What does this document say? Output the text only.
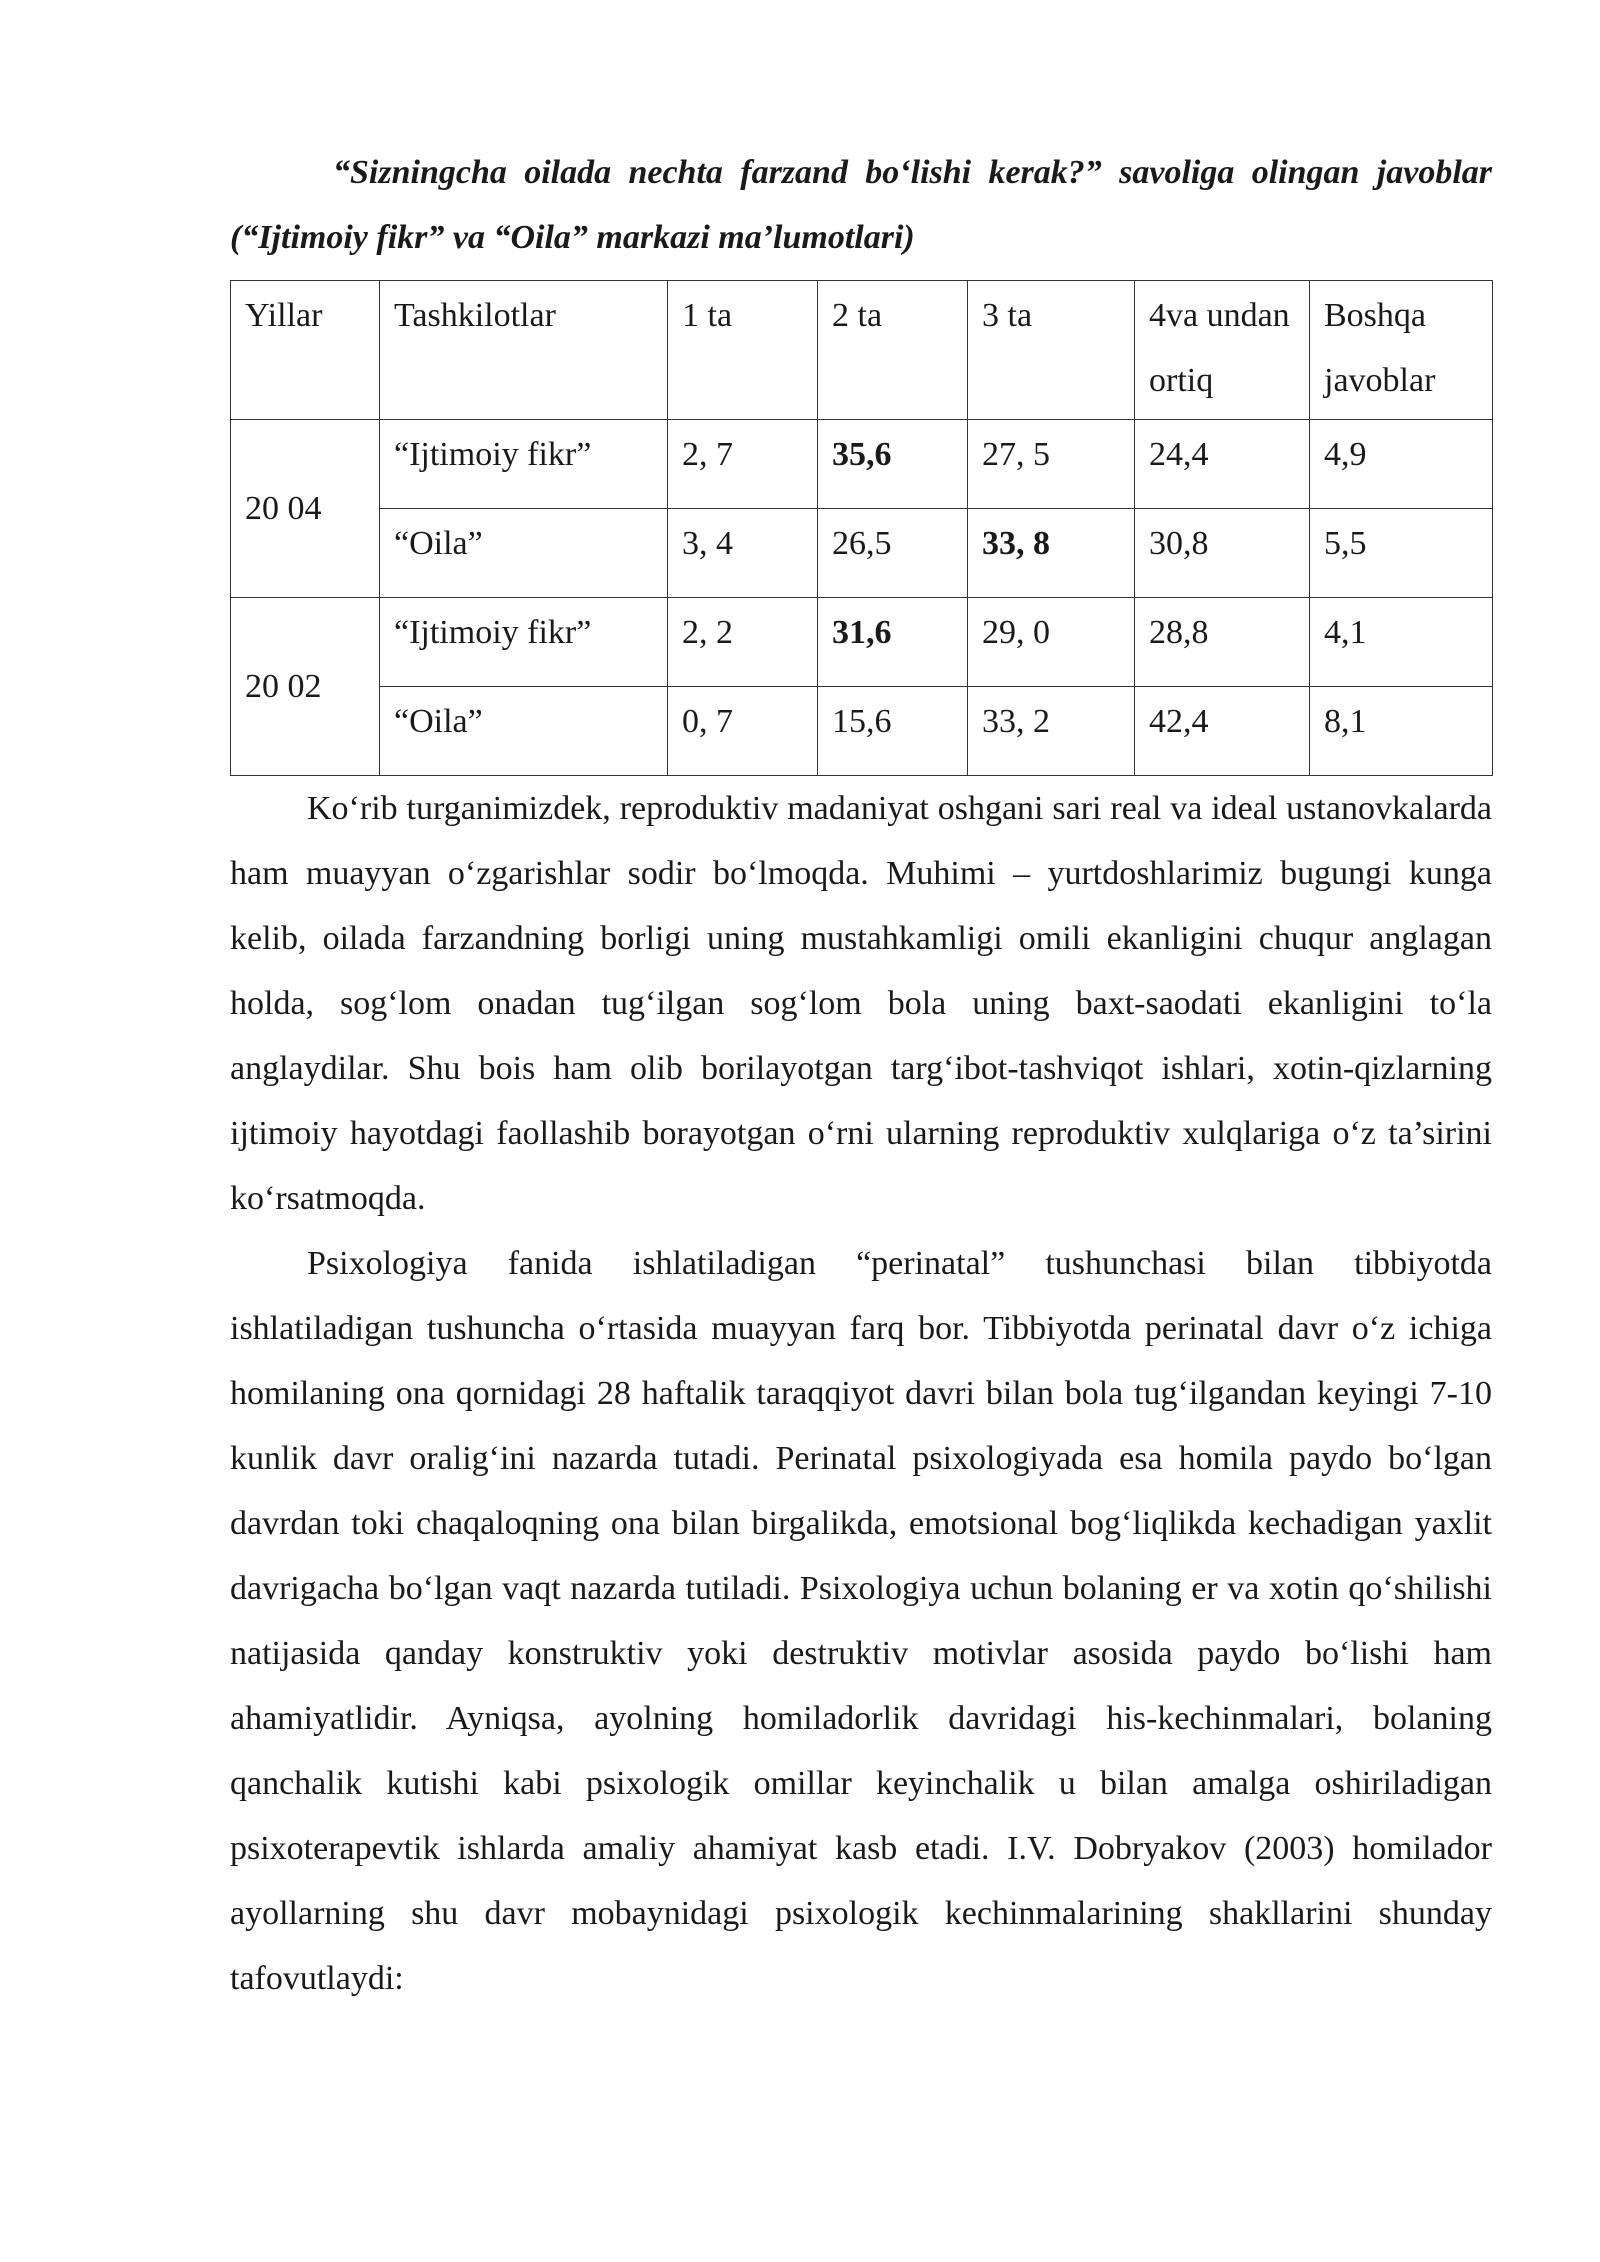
“Sizningcha oilada nechta farzand bo‘lishi kerak?” savoliga olingan javoblar (“Ijtimoiy fikr” va “Oila” markazi ma’lumotlari)

Yillar	Tashkilotlar	1 ta	2 ta	3 ta	4va undan ortiq	Boshqa javoblar
20 04	“Ijtimoiy fikr”	2, 7	35,6	27, 5	24,4	4,9
	“Oila”	3, 4	26,5	33, 8	30,8	5,5
20 02	“Ijtimoiy fikr”	2, 2	31,6	29, 0	28,8	4,1
	“Oila”	0, 7	15,6	33, 2	42,4	8,1

Ko‘rib turganimizdek, reproduktiv madaniyat oshgani sari real va ideal ustanovkalarda ham muayyan o‘zgarishlar sodir bo‘lmoqda. Muhimi – yurtdoshlarimiz bugungi kunga kelib, oilada farzandning borligi uning mustahkamligi omili ekanligini chuqur anglagan holda, sog‘lom onadan tug‘ilgan sog‘lom bola uning baxt-saodati ekanligini to‘la anglaydilar. Shu bois ham olib borilayotgan targ‘ibot-tashviqot ishlari, xotin-qizlarning ijtimoiy hayotdagi faollashib borayotgan o‘rni ularning reproduktiv xulqlariga o‘z ta’sirini ko‘rsatmoqda.

Psixologiya fanida ishlatiladigan “perinatal” tushunchasi bilan tibbiyotda ishlatiladigan tushuncha o‘rtasida muayyan farq bor. Tibbiyotda perinatal davr o‘z ichiga homilaning ona qornidagi 28 haftalik taraqqiyot davri bilan bola tug‘ilgandan keyingi 7-10 kunlik davr oralig‘ini nazarda tutadi. Perinatal psixologiyada esa homila paydo bo‘lgan davrdan toki chaqaloqning ona bilan birgalikda, emotsional bog‘liqlikda kechadigan yaxlit davrigacha bo‘lgan vaqt nazarda tutiladi. Psixologiya uchun bolaning er va xotin qo‘shilishi natijasida qanday konstruktiv yoki destruktiv motivlar asosida paydo bo‘lishi ham ahamiyatlidir. Ayniqsa, ayolning homiladorlik davridagi his-kechinmalari, bolaning qanchalik kutishi kabi psixologik omillar keyinchalik u bilan amalga oshiriladigan psixoterapevtik ishlarda amaliy ahamiyat kasb etadi. I.V. Dobryakov (2003) homilador ayollarning shu davr mobaynidagi psixologik kechinmalarining shakllarini shunday tafovutlaydi:
